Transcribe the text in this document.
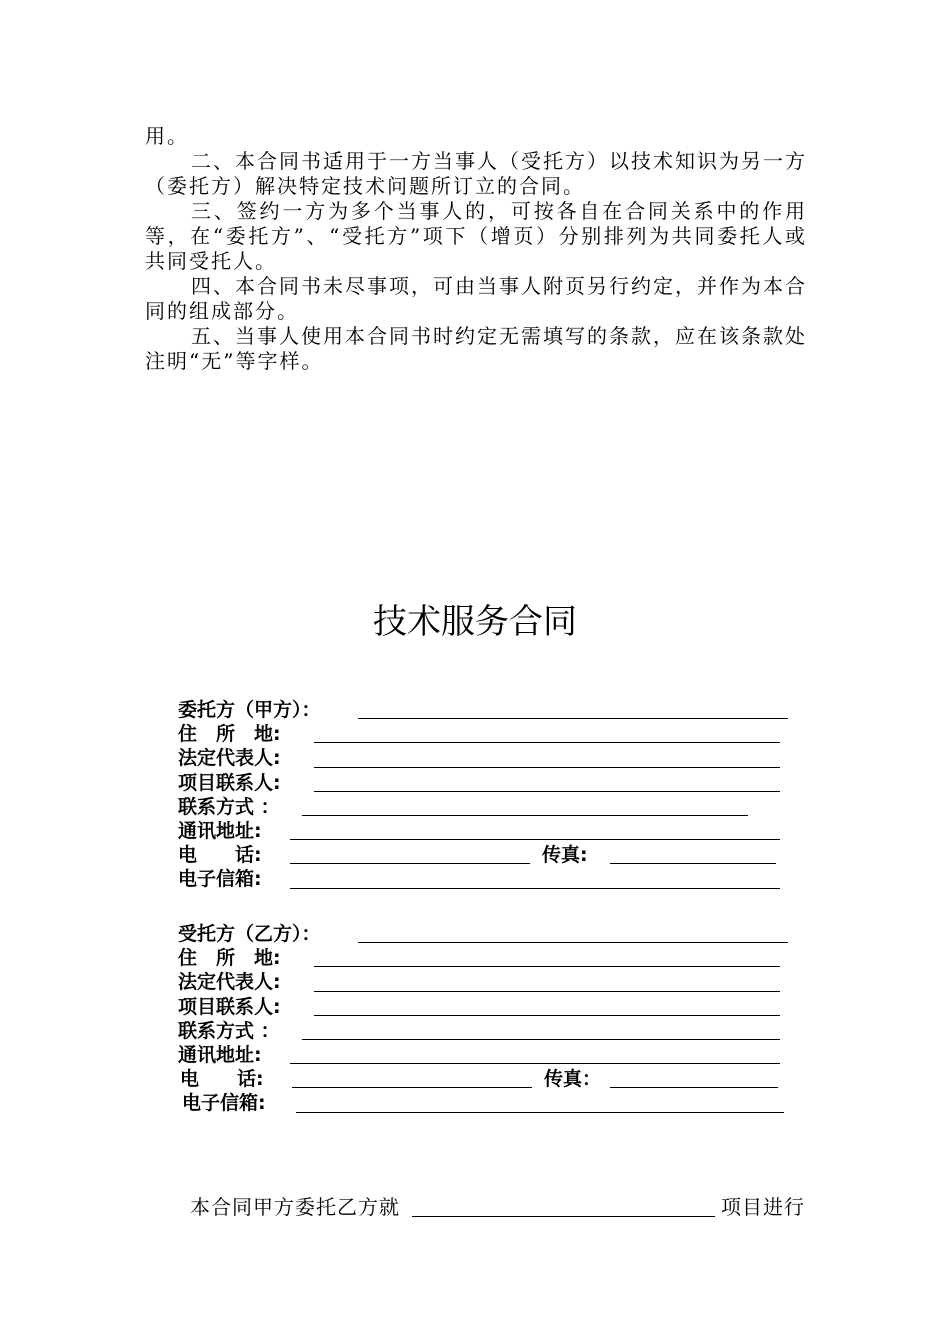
用。

二、本合同书适用于一方当事人（受托方）以技术知识为另一方（委托方）解决特定技术问题所订立的合同。

三、签约一方为多个当事人的，可按各自在合同关系中的作用等，在“委托方”、“受托方”项下（增页）分别排列为共同委托人或共同受托人。

四、本合同书未尽事项，可由当事人附页另行约定，并作为本合同的组成部分。

五、当事人使用本合同书时约定无需填写的条款，应在该条款处注明“无”等字样。

技术服务合同
委托方（甲方）：
住　所　地:
法定代表人:
项目联系人:
联系方式 ：
通讯地址:
电　　话:	传真:
电子信箱:
受托方（乙方）：
住　所　地:
法定代表人:
项目联系人:
联系方式 ：
通讯地址:
电　　话:	传真：
电子信箱:
本合同甲方委托乙方就	项目进行
